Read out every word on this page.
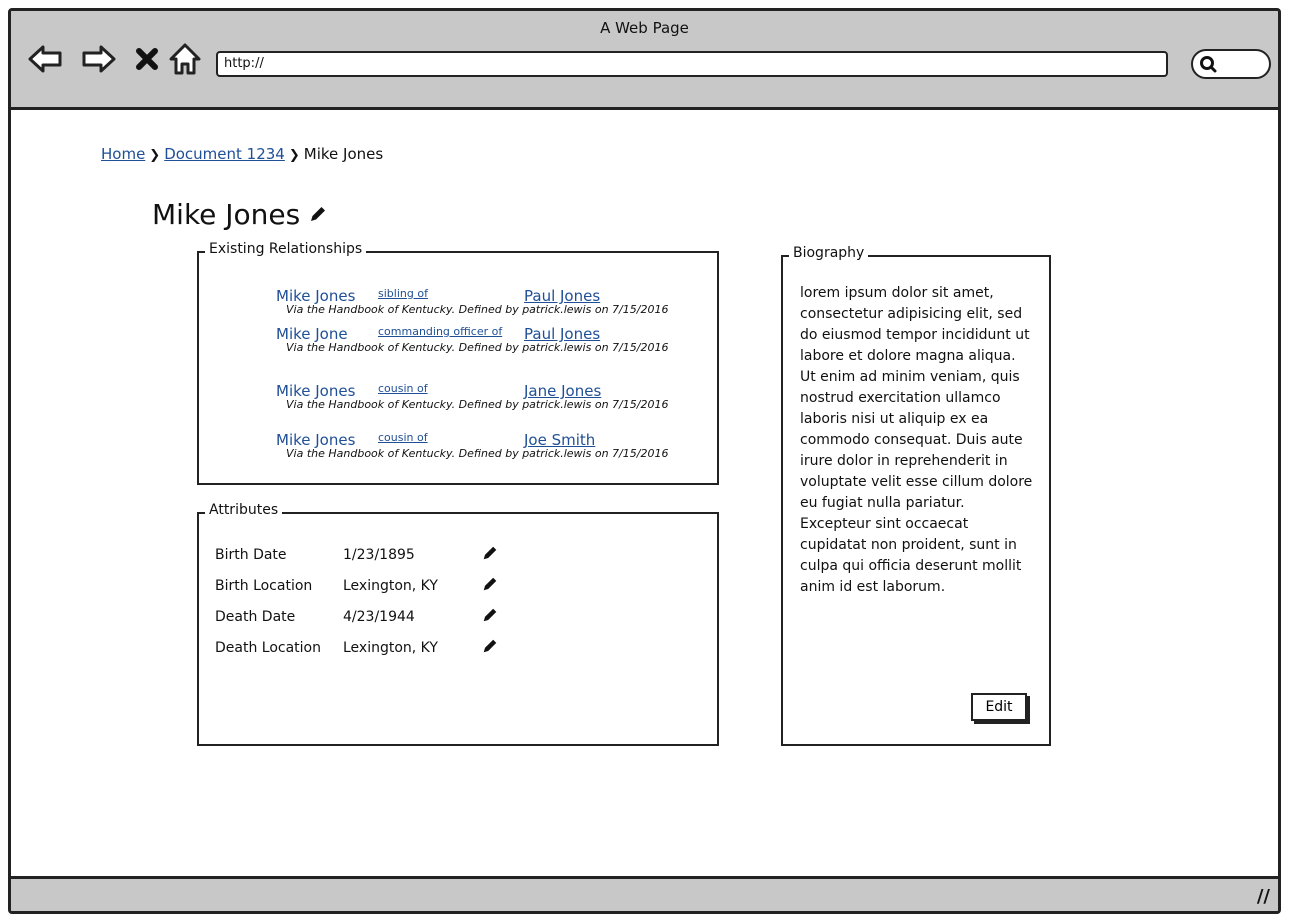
A Web Page
http://
Home ❯ Document 1234 ❯ Mike Jones
Mike Jones
Existing Relationships
Mike Jones sibling of	Paul Jones
Via the Handbook of Kentucky. Defined by patrick.lewis on 7/15/2016
Mike Jone	commanding officer of Paul Jones
Via the Handbook of Kentucky. Defined by patrick.lewis on 7/15/2016
Mike Jones cousin of	Jane Jones
Via the Handbook of Kentucky. Defined by patrick.lewis on 7/15/2016
Mike Jones cousin of	Joe Smith
Via the Handbook of Kentucky. Defined by patrick.lewis on 7/15/2016
Attributes
Birth Date	1/23/1895	
Birth Location	Lexington, KY	
Death Date	4/23/1944	
Death Location	Lexington, KY	
Biography
lorem ipsum dolor sit amet, consectetur adipisicing elit, sed do eiusmod tempor incididunt ut labore et dolore magna aliqua. Ut enim ad minim veniam, quis nostrud exercitation ullamco laboris nisi ut aliquip ex ea commodo consequat. Duis aute irure dolor in reprehenderit in voluptate velit esse cillum dolore eu fugiat nulla pariatur. Excepteur sint occaecat cupidatat non proident, sunt in culpa qui officia deserunt mollit anim id est laborum.
Edit
//
